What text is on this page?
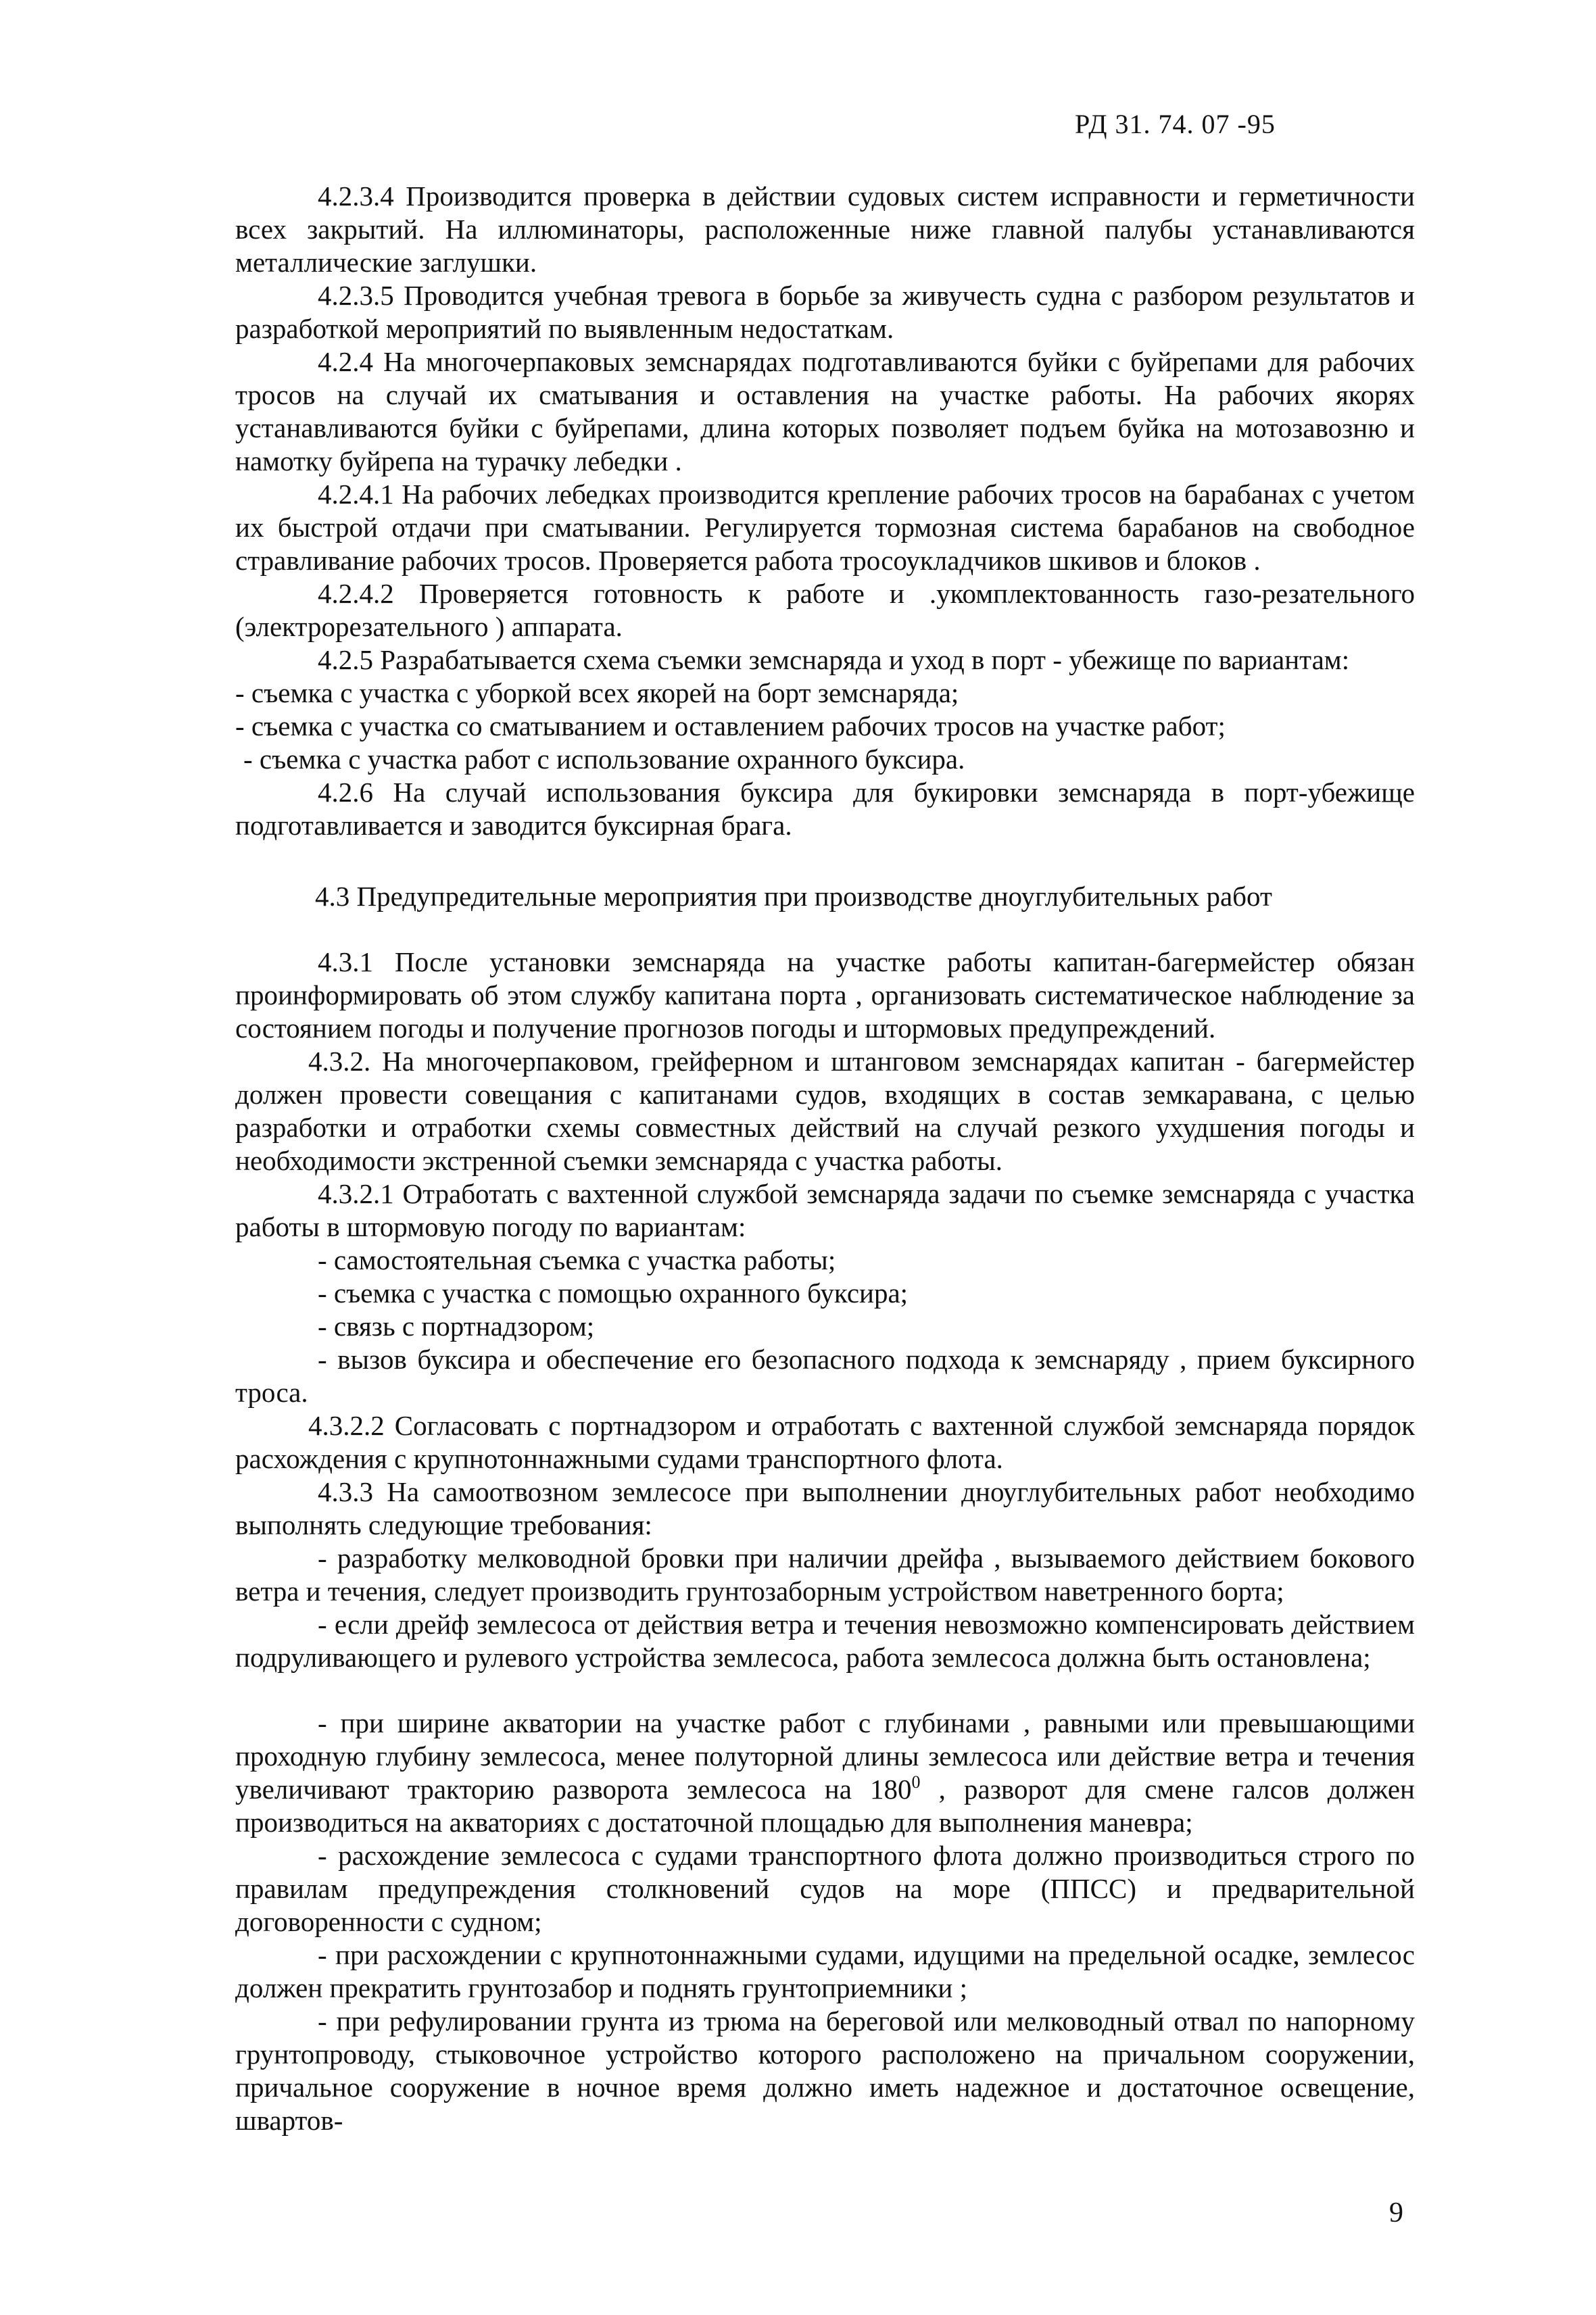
РД 31. 74. 07 -95

4.2.3.4 Производится проверка в действии судовых систем исправности и герметичности всех закрытий. На иллюминаторы, расположенные ниже главной палубы устанавливаются металлические заглушки.

4.2.3.5 Проводится учебная тревога в борьбе за живучесть судна с разбором результатов и разработкой мероприятий по выявленным недостаткам.

4.2.4 На многочерпаковых земснарядах подготавливаются буйки с буйрепами для рабочих тросов на случай их сматывания и оставления на участке работы. На рабочих якорях устанавливаются буйки с буйрепами, длина которых позволяет подъем буйка на мотозавозню и намотку буйрепа на турачку лебедки .

4.2.4.1 На рабочих лебедках производится крепление рабочих тросов на барабанах с учетом их быстрой отдачи при сматывании. Регулируется тормозная система барабанов на свободное стравливание рабочих тросов. Проверяется работа тросоукладчиков шкивов и блоков .

4.2.4.2 Проверяется готовность к работе и .укомплектованность газо-резательного (электрорезательного ) аппарата.

4.2.5 Разрабатывается схема съемки земснаряда и уход в порт - убежище по вариантам:

- съемка с участка с уборкой всех якорей на борт земснаряда;

- съемка с участка со сматыванием и оставлением рабочих тросов на участке работ;

- съемка с участка работ с использование охранного буксира.

4.2.6 На случай использования буксира для букировки земснаряда в порт-убежище подготавливается и заводится буксирная брага.

4.3 Предупредительные мероприятия при производстве дноуглубительных работ

4.3.1 После установки земснаряда на участке работы капитан-багермейстер обязан проинформировать об этом службу капитана порта , организовать систематическое наблюдение за состоянием погоды и получение прогнозов погоды и штормовых предупреждений.

4.3.2. На многочерпаковом, грейферном и штанговом земснарядах капитан - багермейстер должен провести совещания с капитанами судов, входящих в состав земкаравана, с целью разработки и отработки схемы совместных действий на случай резкого ухудшения погоды и необходимости экстренной съемки земснаряда с участка работы.

4.3.2.1 Отработать с вахтенной службой земснаряда задачи по съемке земснаряда с участка работы в штормовую погоду по вариантам:

- самостоятельная съемка с участка работы;

- съемка с участка с помощью охранного буксира;

- связь с портнадзором;

- вызов буксира и обеспечение его безопасного подхода к земснаряду , прием буксирного троса.

4.3.2.2 Согласовать с портнадзором и отработать с вахтенной службой земснаряда порядок расхождения с крупнотоннажными судами транспортного флота.

4.3.3 На самоотвозном землесосе при выполнении дноуглубительных работ необходимо выполнять следующие требования:

- разработку мелководной бровки при наличии дрейфа , вызываемого действием бокового ветра и течения, следует производить грунтозаборным устройством наветренного борта;

- если дрейф землесоса от действия ветра и течения невозможно компенсировать действием подруливающего и рулевого устройства землесоса, работа землесоса должна быть остановлена;

- при ширине акватории на участке работ с глубинами , равными или превышающими проходную глубину землесоса, менее полуторной длины землесоса или действие ветра и течения увеличивают тракторию разворота землесоса на $180^0$ , разворот для смене галсов должен производиться на акваториях с достаточной площадью для выполнения маневра;

- расхождение землесоса с судами транспортного флота должно производиться строго по правилам предупреждения столкновений судов на море (ППСС) и предварительной договоренности с судном;

- при расхождении с крупнотоннажными судами, идущими на предельной осадке, землесос должен прекратить грунтозабор и поднять грунтоприемники ;

- при рефулировании грунта из трюма на береговой или мелководный отвал по напорному грунтопроводу, стыковочное устройство которого расположено на причальном сооружении, причальное сооружение в ночное время должно иметь надежное и достаточное освещение, швартов-

9
